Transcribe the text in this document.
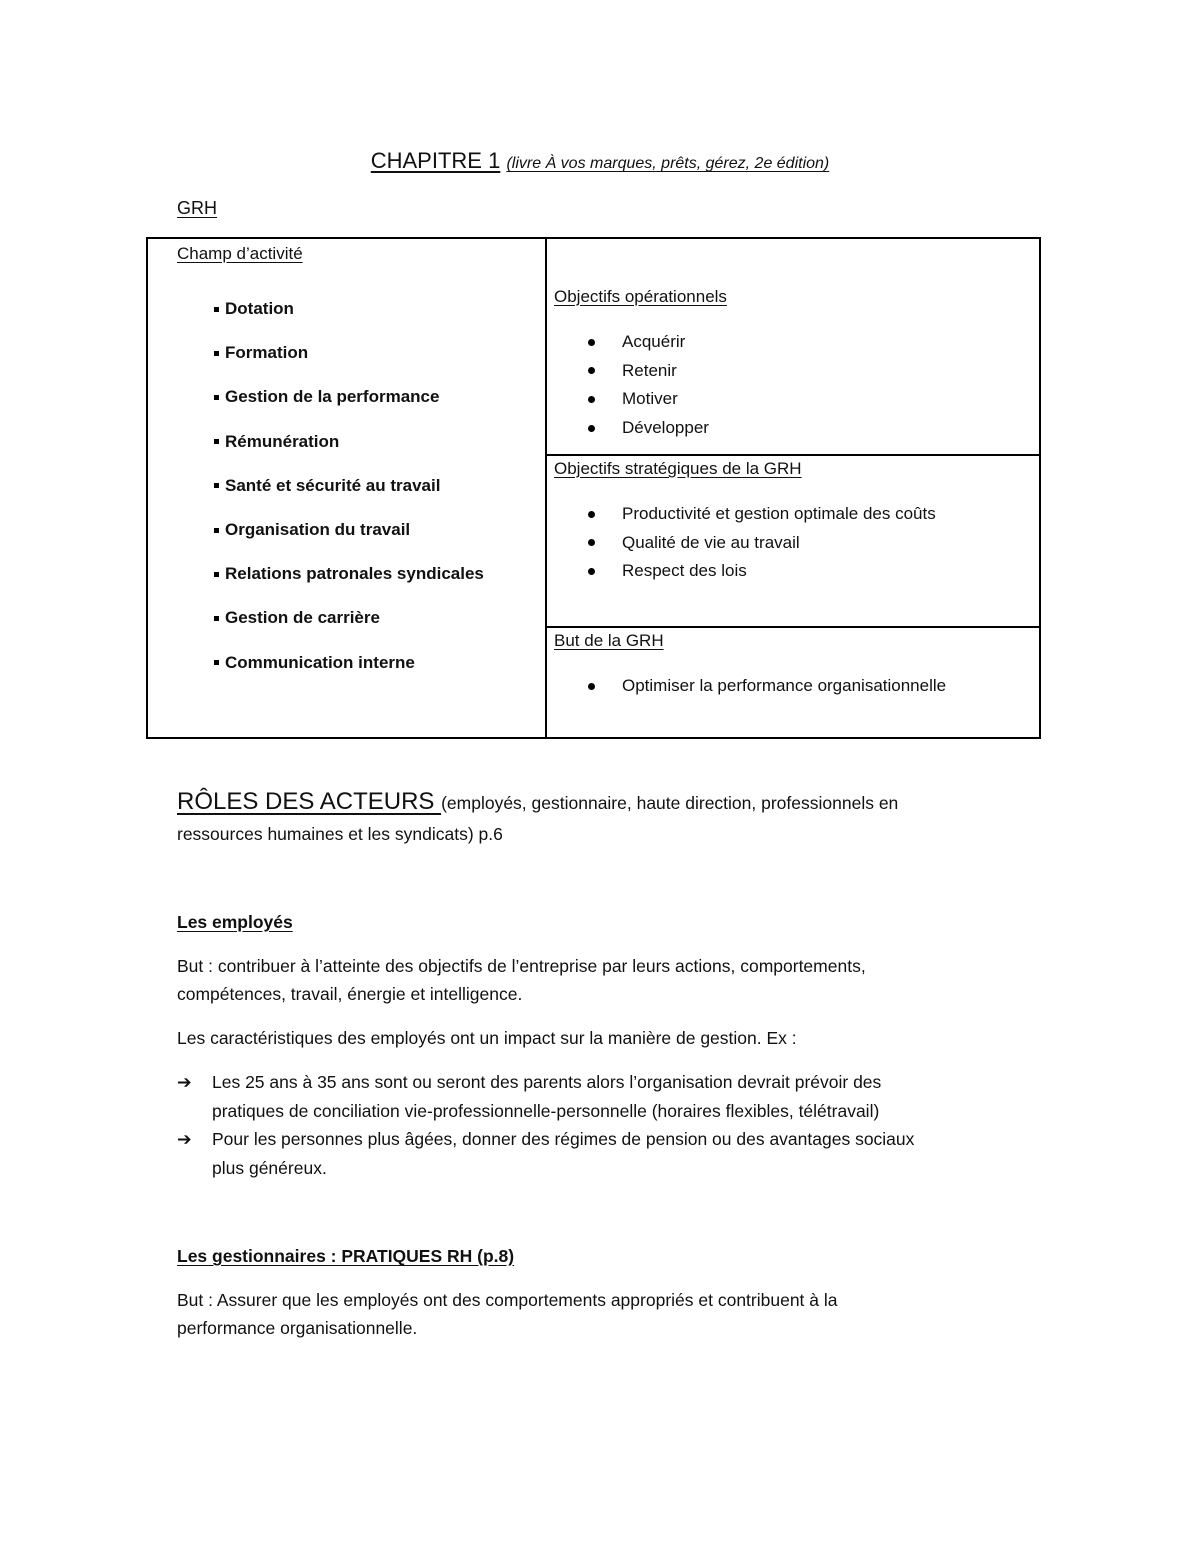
CHAPITRE 1 (livre À vos marques, prêts, gérez, 2e édition)
GRH
Champ d’activité
Dotation
Formation
Gestion de la performance
Rémunération
Santé et sécurité au travail
Organisation du travail
Relations patronales syndicales
Gestion de carrière
Communication interne
Objectifs opérationnels
Acquérir
Retenir
Motiver
Développer
Objectifs stratégiques de la GRH
Productivité et gestion optimale des coûts
Qualité de vie au travail
Respect des lois
But de la GRH
Optimiser la performance organisationnelle
RÔLES DES ACTEURS (employés, gestionnaire, haute direction, professionnels en
ressources humaines et les syndicats) p.6
Les employés
But : contribuer à l’atteinte des objectifs de l’entreprise par leurs actions, comportements,
compétences, travail, énergie et intelligence.
Les caractéristiques des employés ont un impact sur la manière de gestion. Ex :
➔ Les 25 ans à 35 ans sont ou seront des parents alors l’organisation devrait prévoir des
pratiques de conciliation vie-professionnelle-personnelle (horaires flexibles, télétravail)
➔ Pour les personnes plus âgées, donner des régimes de pension ou des avantages sociaux
plus généreux.
Les gestionnaires : PRATIQUES RH (p.8)
But : Assurer que les employés ont des comportements appropriés et contribuent à la
performance organisationnelle.
